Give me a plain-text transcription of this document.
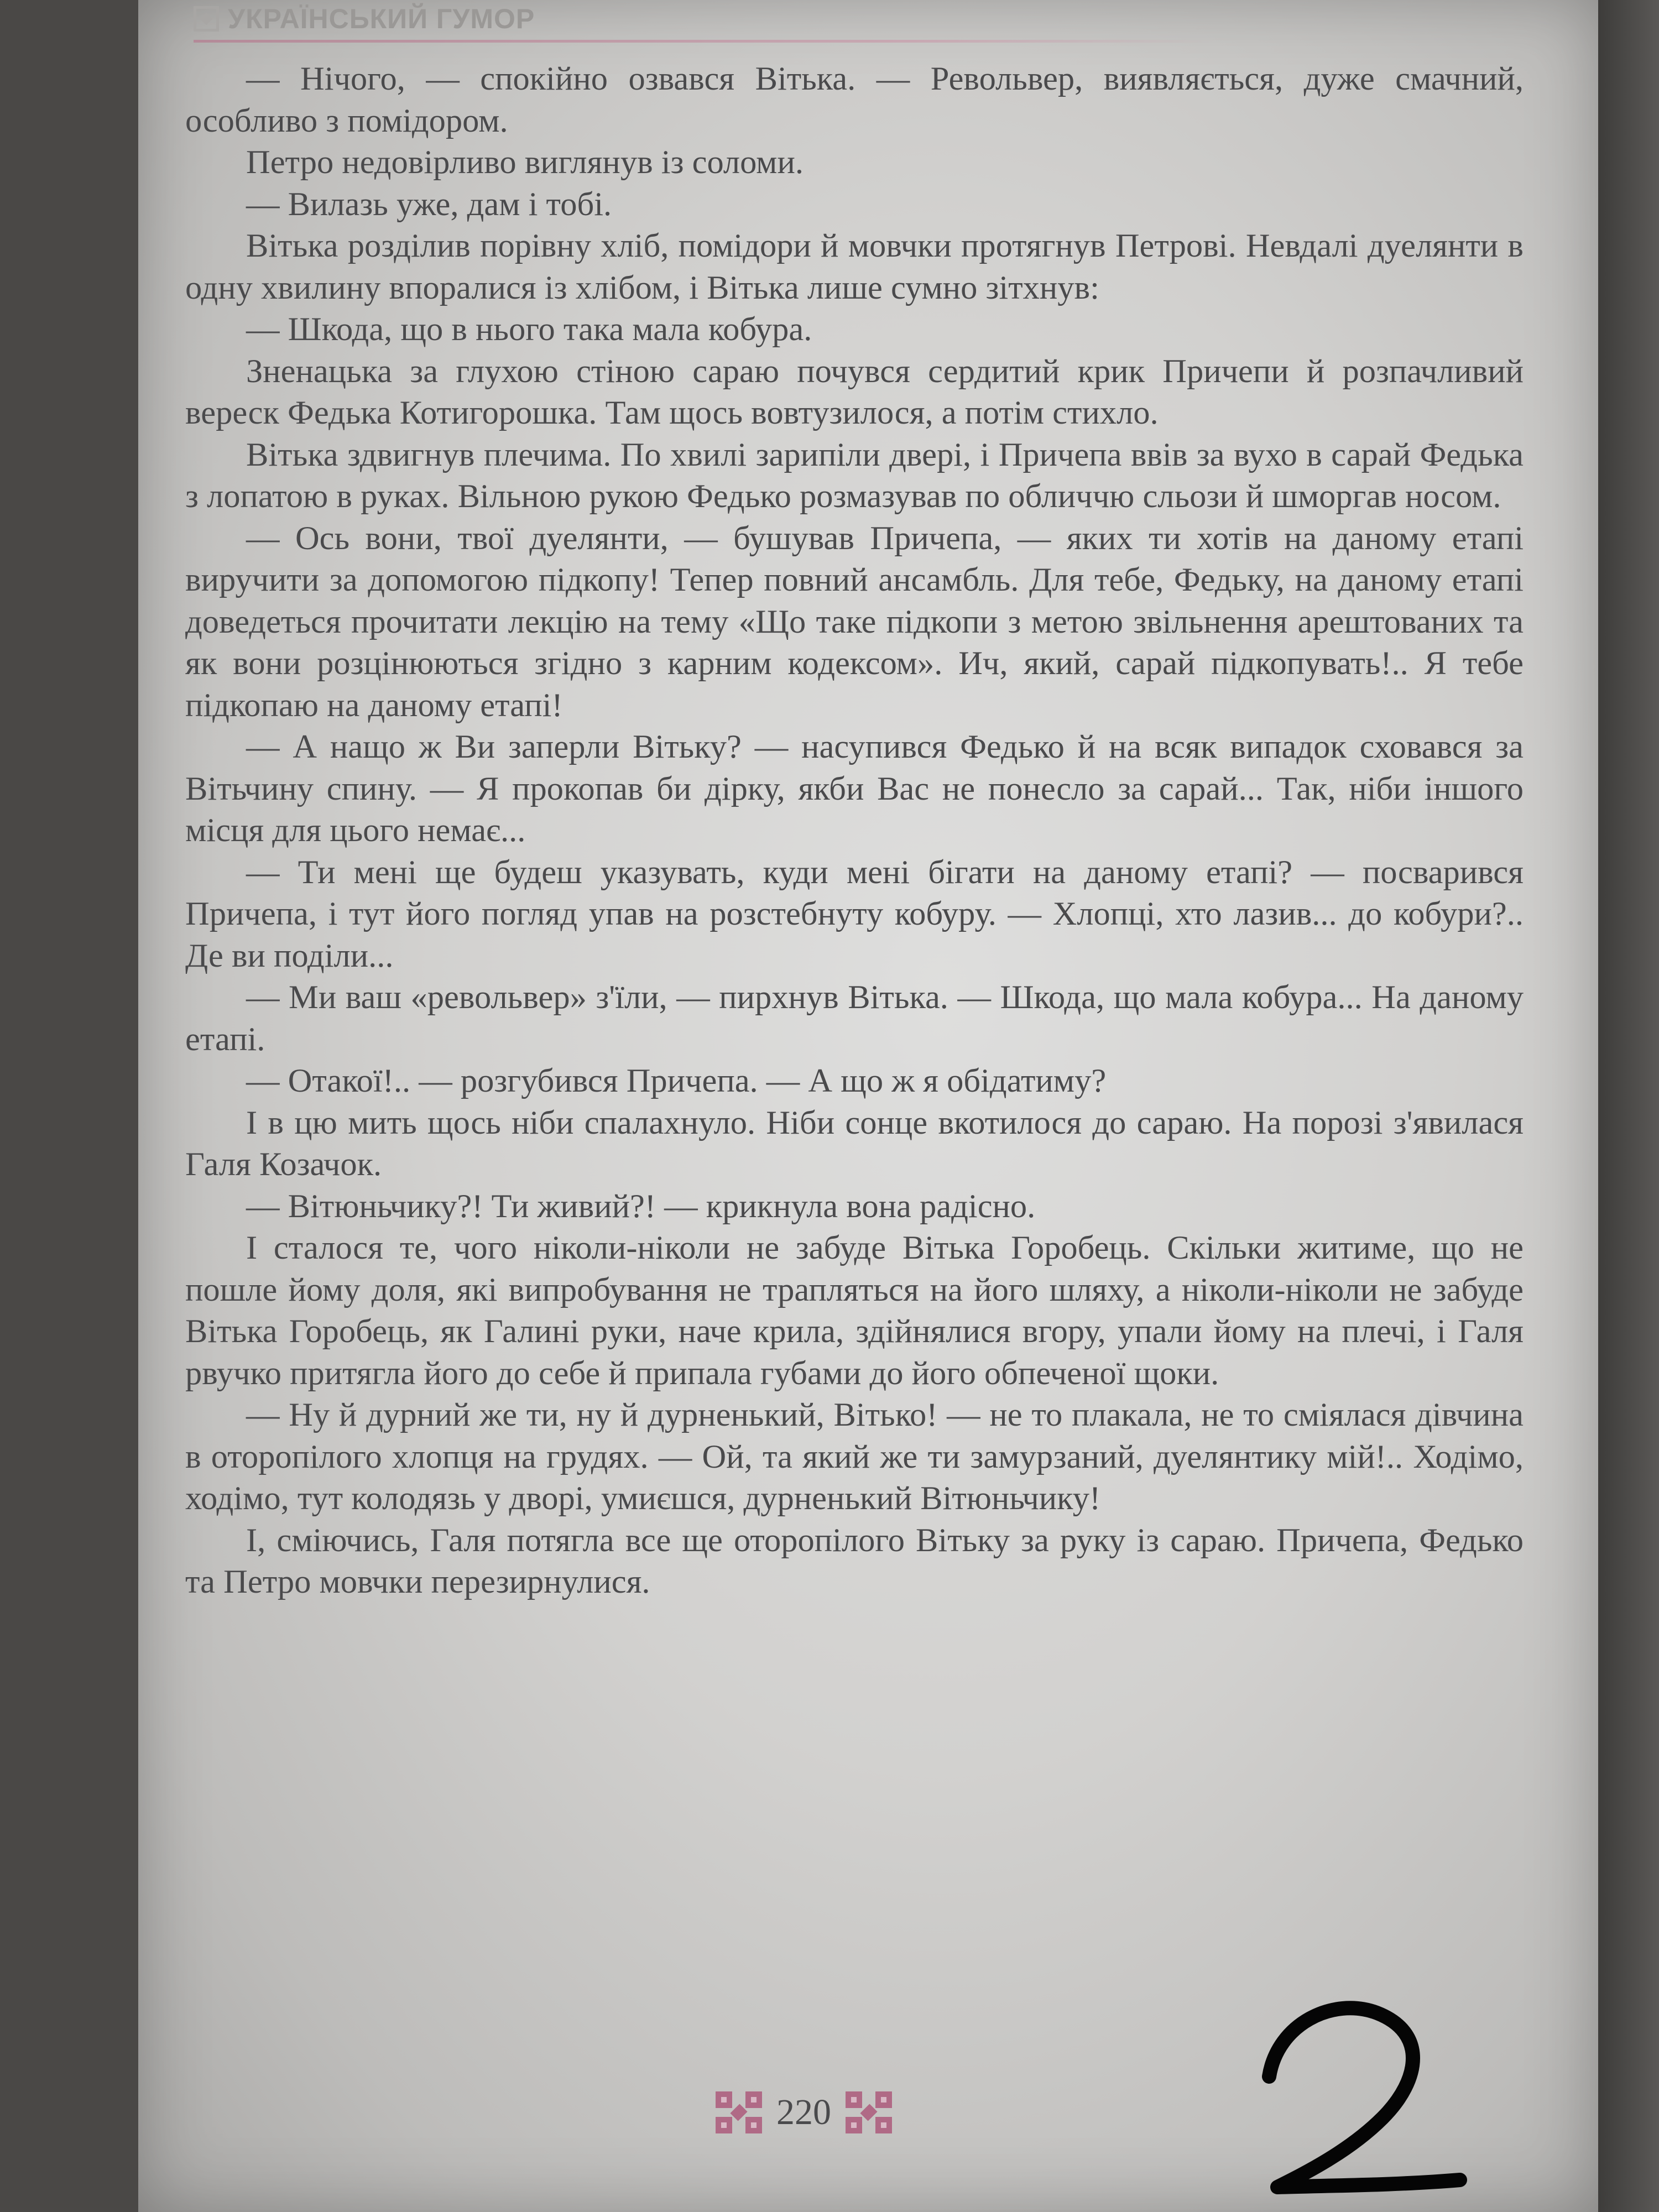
УКРАЇНСЬКИЙ ГУМОР

— Нічого, — спокійно озвався Вітька. — Револьвер, виявляється, дуже смачний, особливо з помідором.

Петро недовірливо виглянув із соломи.

— Вилазь уже, дам і тобі.

Вітька розділив порівну хліб, помідори й мовчки протягнув Петрові. Невдалі дуелянти в одну хвилину впоралися із хлібом, і Вітька лише сумно зітхнув:

— Шкода, що в нього така мала кобура.

Зненацька за глухою стіною сараю почувся сердитий крик Причепи й розпачливий вереск Федька Котигорошка. Там щось вовтузилося, а потім стихло.

Вітька здвигнув плечима. По хвилі зарипіли двері, і Причепа ввів за вухо в сарай Федька з лопатою в руках. Вільною рукою Федько розмазував по обличчю сльози й шморгав носом.

— Ось вони, твої дуелянти, — бушував Причепа, — яких ти хотів на даному етапі виручити за допомогою підкопу! Тепер повний ансамбль. Для тебе, Федьку, на даному етапі доведеться прочитати лекцію на тему «Що таке підкопи з метою звільнення арештованих та як вони розцінюються згідно з карним кодексом». Ич, який, сарай підкопувать!.. Я тебе підкопаю на даному етапі!

— А нащо ж Ви заперли Вітьку? — насупився Федько й на всяк випадок сховався за Вітьчину спину. — Я прокопав би дірку, якби Вас не понесло за сарай... Так, ніби іншого місця для цього немає...

— Ти мені ще будеш указувать, куди мені бігати на даному етапі? — посварився Причепа, і тут його погляд упав на розстебнуту кобуру. — Хлопці, хто лазив... до кобури?.. Де ви поділи...

— Ми ваш «револьвер» з'їли, — пирхнув Вітька. — Шкода, що мала кобура... На даному етапі.

— Отакої!.. — розгубився Причепа. — А що ж я обідатиму?

І в цю мить щось ніби спалахнуло. Ніби сонце вкотилося до сараю. На порозі з'явилася Галя Козачок.

— Вітюньчику?! Ти живий?! — крикнула вона радісно.

І сталося те, чого ніколи-ніколи не забуде Вітька Горобець. Скільки житиме, що не пошле йому доля, які випробування не трапляться на його шляху, а ніколи-ніколи не забуде Вітька Горобець, як Галині руки, наче крила, здійнялися вгору, упали йому на плечі, і Галя рвучко притягла його до себе й припала губами до його обпеченої щоки.

— Ну й дурний же ти, ну й дурненький, Вітько! — не то плакала, не то сміялася дівчина в оторопілого хлопця на грудях. — Ой, та який же ти замурзаний, дуелянтику мій!.. Ходімо, ходімо, тут колодязь у дворі, умиєшся, дурненький Вітюньчику!

І, сміючись, Галя потягла все ще оторопілого Вітьку за руку із сараю. Причепа, Федько та Петро мовчки перезирнулися.

220
